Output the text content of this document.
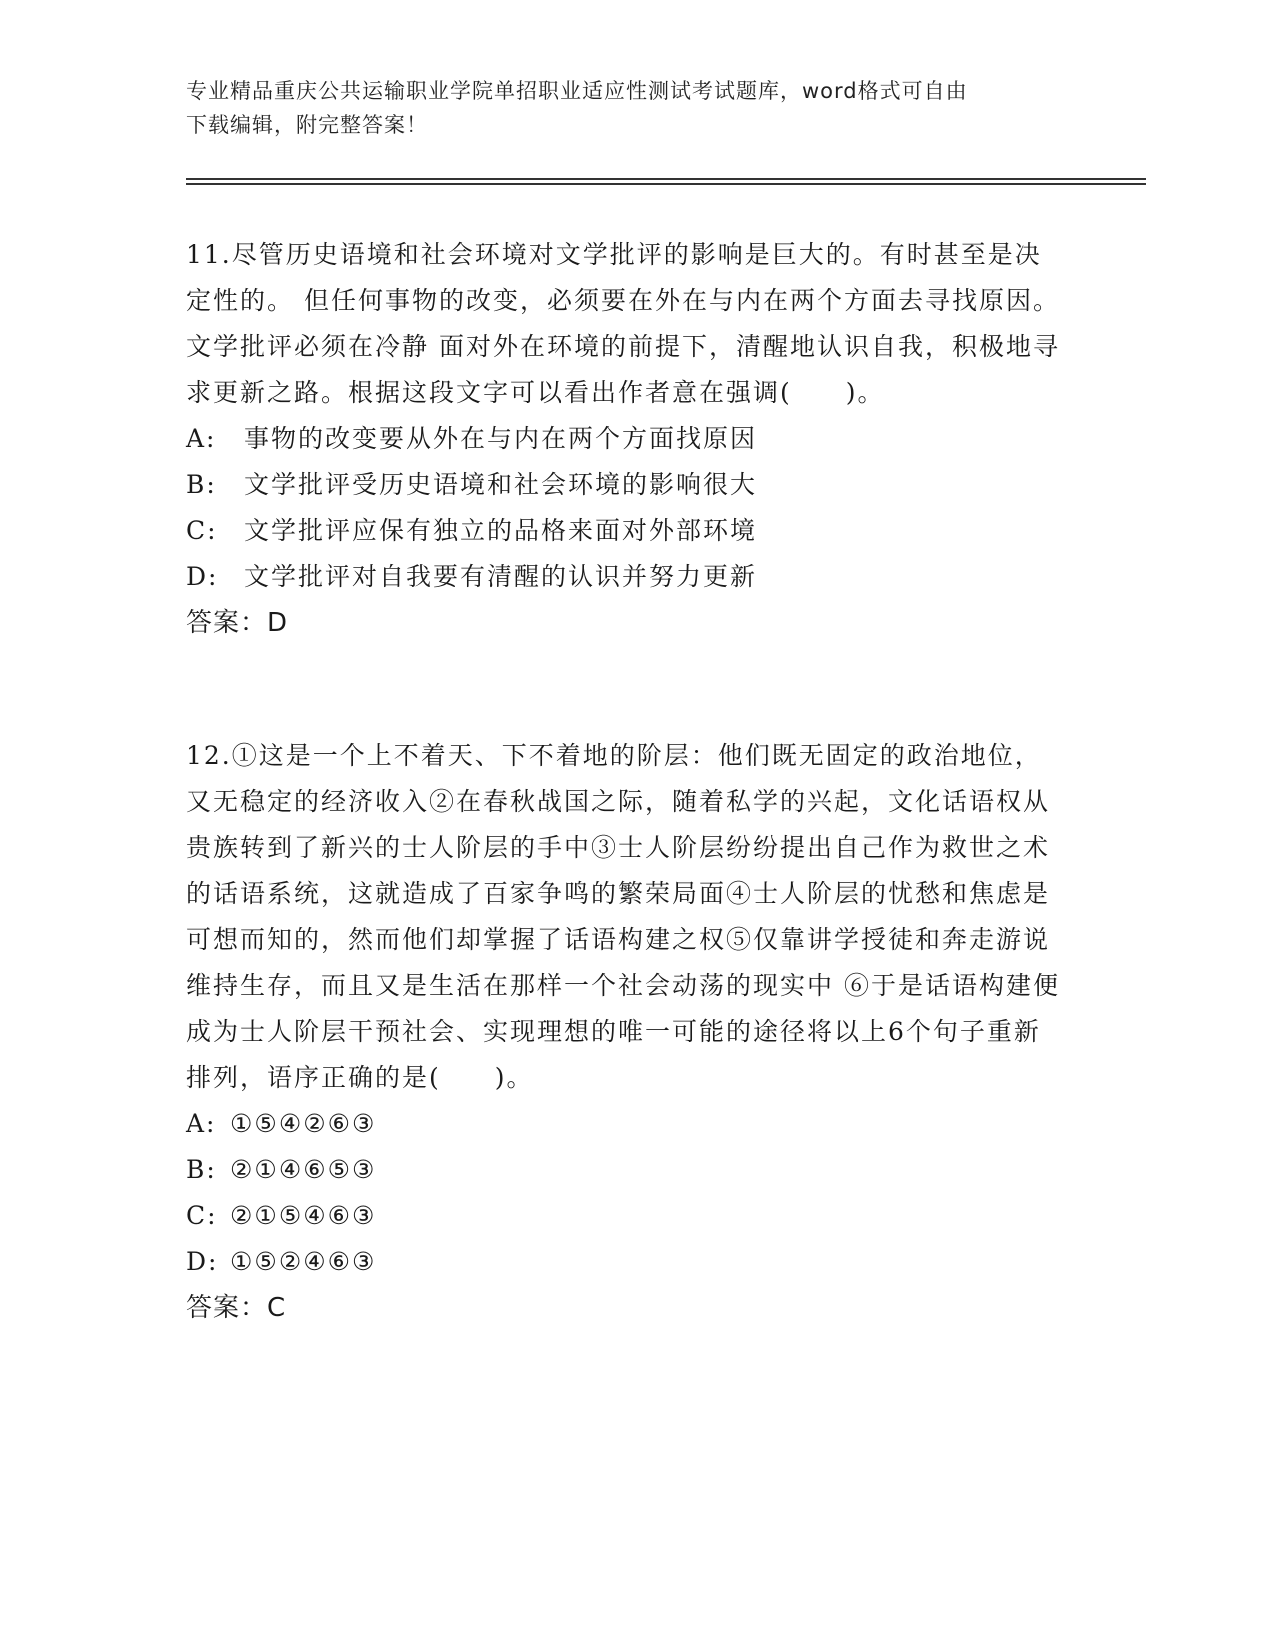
专业精品重庆公共运输职业学院单招职业适应性测试考试题库，word格式可自由
下载编辑，附完整答案！

11.尽管历史语境和社会环境对文学批评的影响是巨大的。有时甚至是决定性的。 但任何事物的改变，必须要在外在与内在两个方面去寻找原因。文学批评必须在冷静 面对外在环境的前提下，清醒地认识自我，积极地寻求更新之路。根据这段文字可以看出作者意在强调(　　)。

A:	事物的改变要从外在与内在两个方面找原因
B:	文学批评受历史语境和社会环境的影响很大
C:	文学批评应保有独立的品格来面对外部环境
D:	文学批评对自我要有清醒的认识并努力更新
答案：D

12.①这是一个上不着天、下不着地的阶层：他们既无固定的政治地位，又无稳定的经济收入②在春秋战国之际，随着私学的兴起，文化话语权从贵族转到了新兴的士人阶层的手中③士人阶层纷纷提出自己作为救世之术的话语系统，这就造成了百家争鸣的繁荣局面④士人阶层的忧愁和焦虑是可想而知的，然而他们却掌握了话语构建之权⑤仅靠讲学授徒和奔走游说维持生存，而且又是生活在那样一个社会动荡的现实中 ⑥于是话语构建便成为士人阶层干预社会、实现理想的唯一可能的途径将以上6个句子重新排列，语序正确的是(　　)。

A: ①⑤④②⑥③
B: ②①④⑥⑤③
C: ②①⑤④⑥③
D: ①⑤②④⑥③
答案：C
